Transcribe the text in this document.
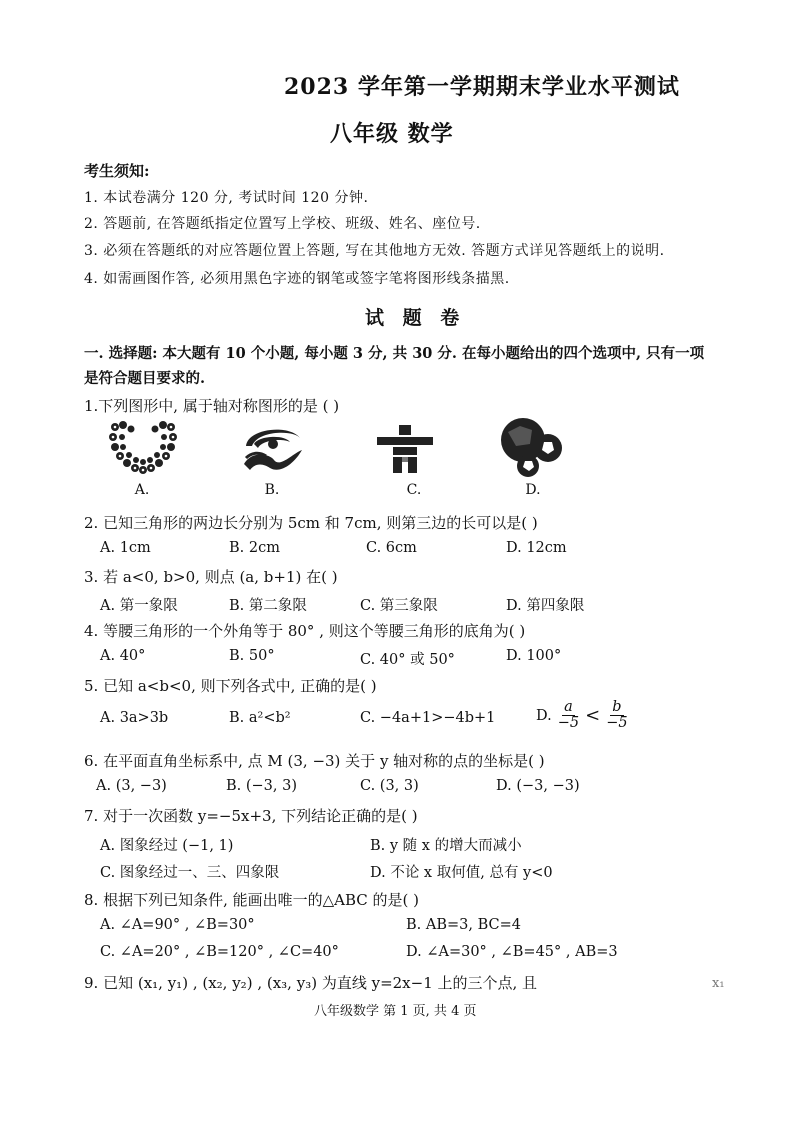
2023 学年第一学期期末学业水平测试
八年级 数学
考生须知:
1. 本试卷满分 120 分, 考试时间 120 分钟.
2. 答题前, 在答题纸指定位置写上学校、班级、姓名、座位号.
3. 必须在答题纸的对应答题位置上答题, 写在其他地方无效. 答题方式详见答题纸上的说明.
4. 如需画图作答, 必须用黑色字迹的钢笔或签字笔将图形线条描黑.
试 题 卷
一. 选择题: 本大题有 10 个小题, 每小题 3 分, 共 30 分. 在每小题给出的四个选项中, 只有一项
是符合题目要求的.
1.下列图形中, 属于轴对称图形的是 ( )
A.	B.	C.	D.
2. 已知三角形的两边长分别为 5cm 和 7cm, 则第三边的长可以是( )
A. 1cm	B. 2cm	C. 6cm	D. 12cm
3. 若 a<0, b>0, 则点 (a, b+1) 在( )
A. 第一象限	B. 第二象限	C. 第三象限	D. 第四象限
4. 等腰三角形的一个外角等于 80° , 则这个等腰三角形的底角为( )
A. 40°	B. 50°	C. 40° 或 50°	D. 100°
5. 已知 a<b<0, 则下列各式中, 正确的是( )
A. 3a>3b	B. a²<b²	C. −4a+1>−4b+1	D. $\frac{a}{-5} < \frac{b}{-5}$
6. 在平面直角坐标系中, 点 M (3, −3) 关于 y 轴对称的点的坐标是( )
A. (3, −3)	B. (−3, 3)	C. (3, 3)	D. (−3, −3)
7. 对于一次函数 y=−5x+3, 下列结论正确的是( )
A. 图象经过 (−1, 1)	B. y 随 x 的增大而减小
C. 图象经过一、三、四象限	D. 不论 x 取何值, 总有 y<0
8. 根据下列已知条件, 能画出唯一的△ABC 的是( )
A. ∠A=90° , ∠B=30°	B. AB=3, BC=4
C. ∠A=20° , ∠B=120° , ∠C=40°	D. ∠A=30° , ∠B=45° , AB=3
9. 已知 (x₁, y₁) , (x₂, y₂) , (x₃, y₃) 为直线 y=2x−1 上的三个点, 且	x₁
八年级数学 第 1 页, 共 4 页
